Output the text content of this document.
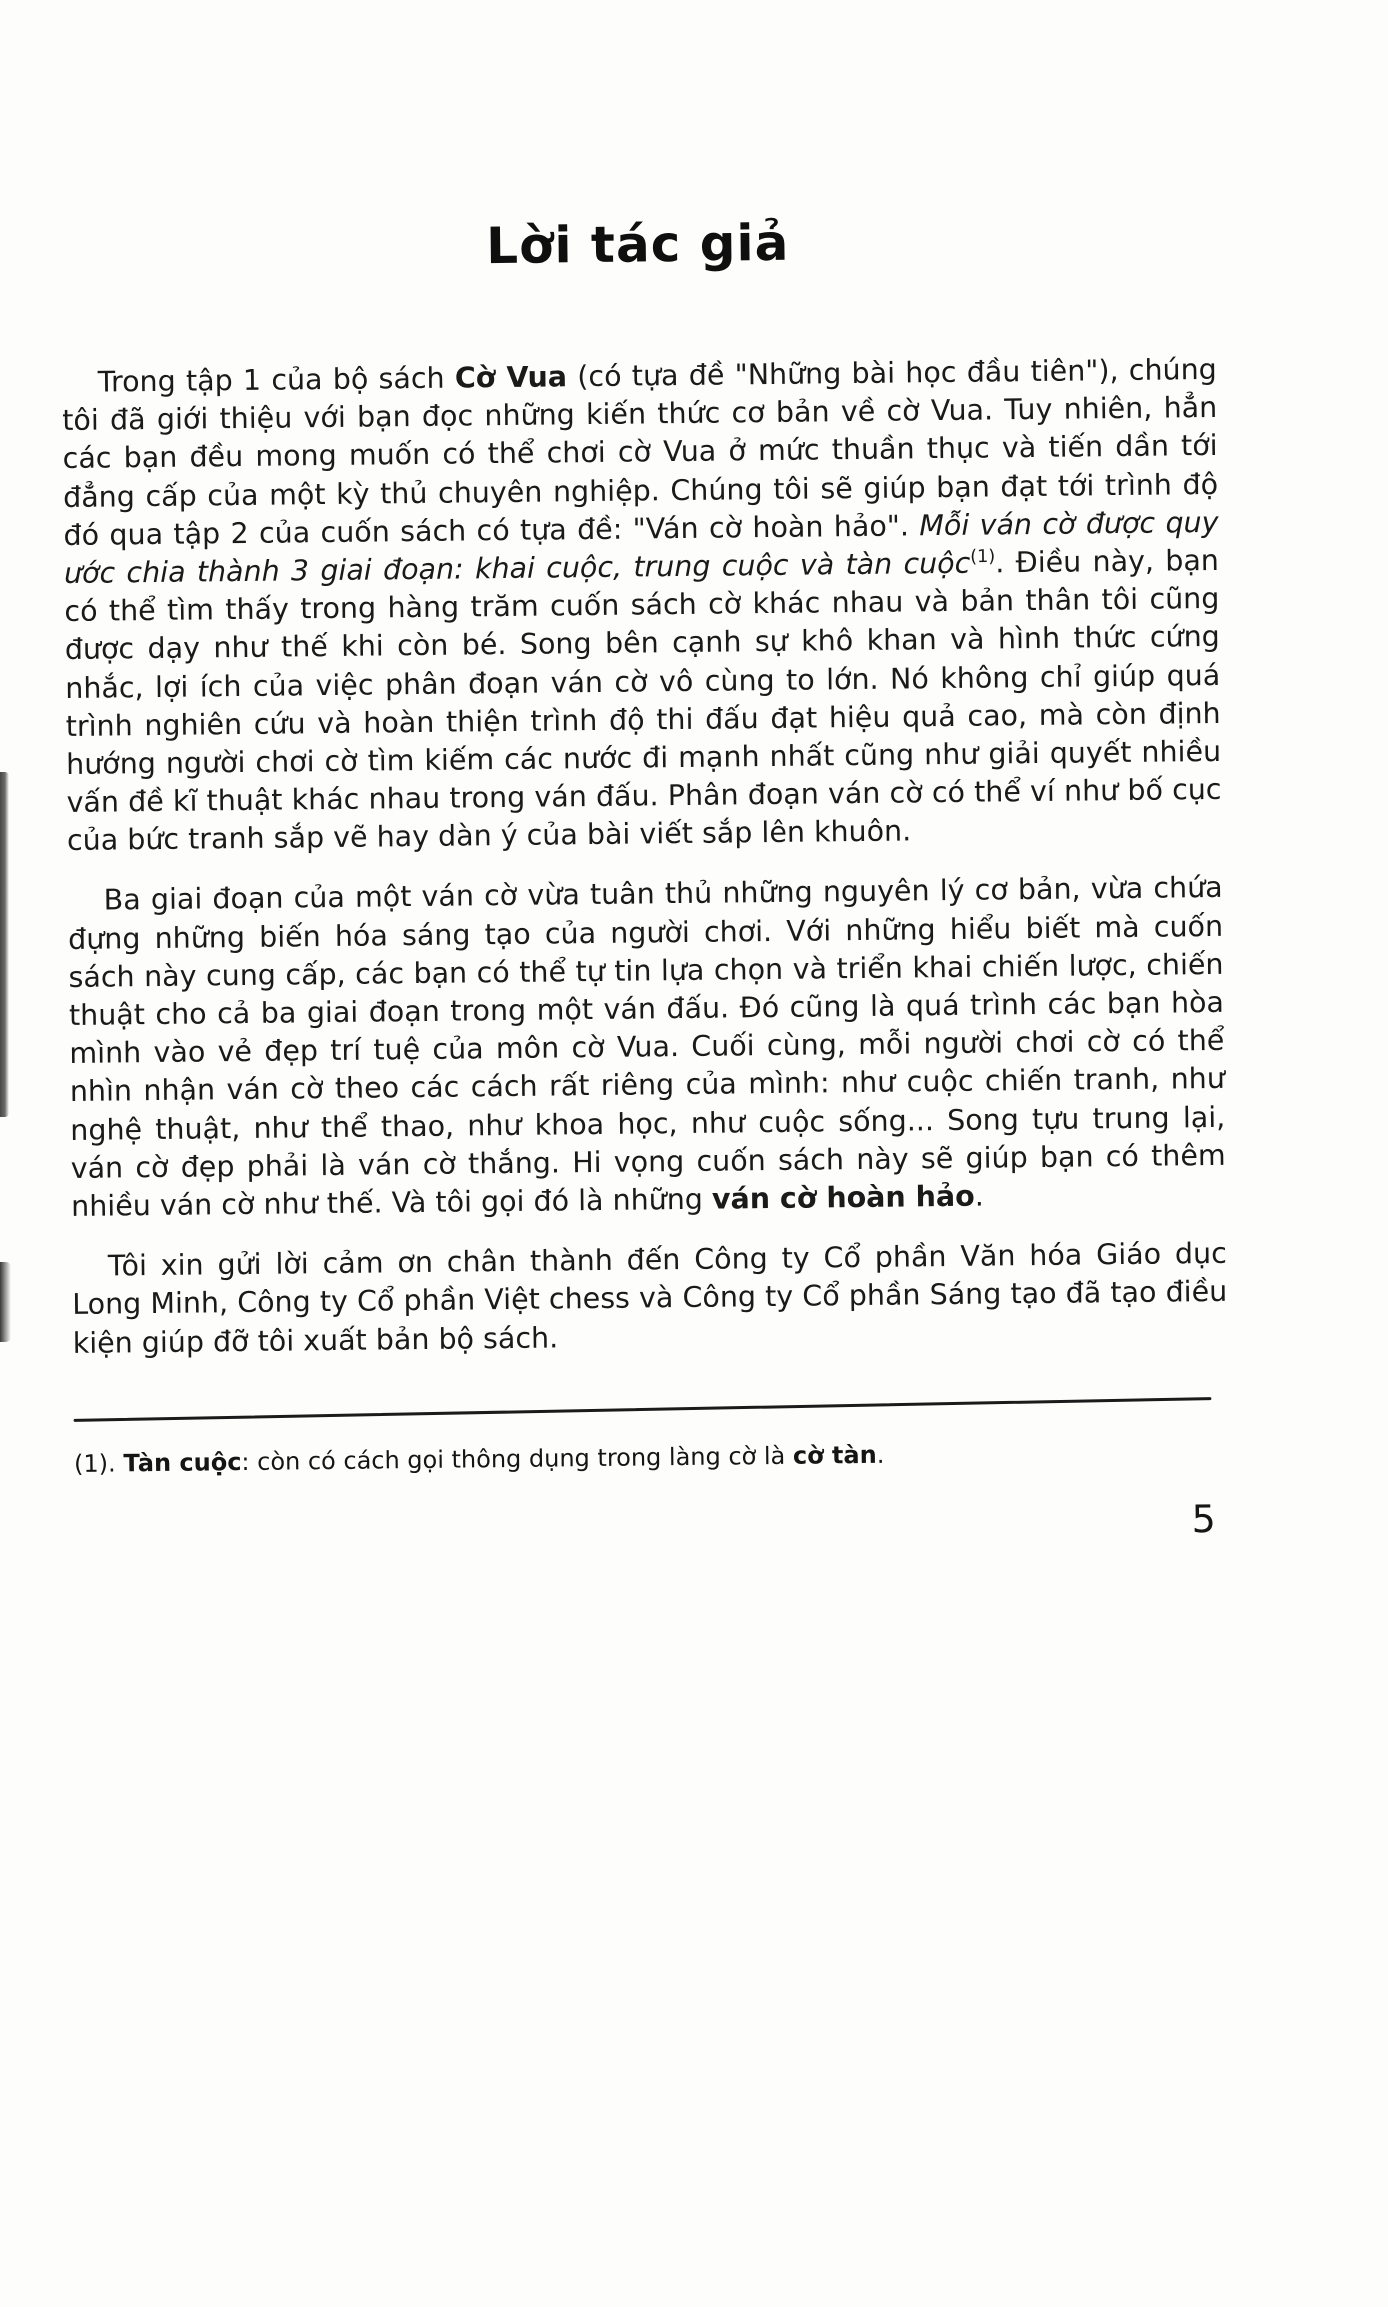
Lời tác giả

Trong tập 1 của bộ sách Cờ Vua (có tựa đề "Những bài học đầu tiên"), chúng tôi đã giới thiệu với bạn đọc những kiến thức cơ bản về cờ Vua. Tuy nhiên, hẳn các bạn đều mong muốn có thể chơi cờ Vua ở mức thuần thục và tiến dần tới đẳng cấp của một kỳ thủ chuyên nghiệp. Chúng tôi sẽ giúp bạn đạt tới trình độ đó qua tập 2 của cuốn sách có tựa đề: "Ván cờ hoàn hảo". Mỗi ván cờ được quy ước chia thành 3 giai đoạn: khai cuộc, trung cuộc và tàn cuộc$^{(1)}$. Điều này, bạn có thể tìm thấy trong hàng trăm cuốn sách cờ khác nhau và bản thân tôi cũng được dạy như thế khi còn bé. Song bên cạnh sự khô khan và hình thức cứng nhắc, lợi ích của việc phân đoạn ván cờ vô cùng to lớn. Nó không chỉ giúp quá trình nghiên cứu và hoàn thiện trình độ thi đấu đạt hiệu quả cao, mà còn định hướng người chơi cờ tìm kiếm các nước đi mạnh nhất cũng như giải quyết nhiều vấn đề kĩ thuật khác nhau trong ván đấu. Phân đoạn ván cờ có thể ví như bố cục của bức tranh sắp vẽ hay dàn ý của bài viết sắp lên khuôn.

Ba giai đoạn của một ván cờ vừa tuân thủ những nguyên lý cơ bản, vừa chứa đựng những biến hóa sáng tạo của người chơi. Với những hiểu biết mà cuốn sách này cung cấp, các bạn có thể tự tin lựa chọn và triển khai chiến lược, chiến thuật cho cả ba giai đoạn trong một ván đấu. Đó cũng là quá trình các bạn hòa mình vào vẻ đẹp trí tuệ của môn cờ Vua. Cuối cùng, mỗi người chơi cờ có thể nhìn nhận ván cờ theo các cách rất riêng của mình: như cuộc chiến tranh, như nghệ thuật, như thể thao, như khoa học, như cuộc sống... Song tựu trung lại, ván cờ đẹp phải là ván cờ thắng. Hi vọng cuốn sách này sẽ giúp bạn có thêm nhiều ván cờ như thế. Và tôi gọi đó là những ván cờ hoàn hảo.

Tôi xin gửi lời cảm ơn chân thành đến Công ty Cổ phần Văn hóa Giáo dục Long Minh, Công ty Cổ phần Việt chess và Công ty Cổ phần Sáng tạo đã tạo điều kiện giúp đỡ tôi xuất bản bộ sách.

(1). Tàn cuộc: còn có cách gọi thông dụng trong làng cờ là cờ tàn.

5
